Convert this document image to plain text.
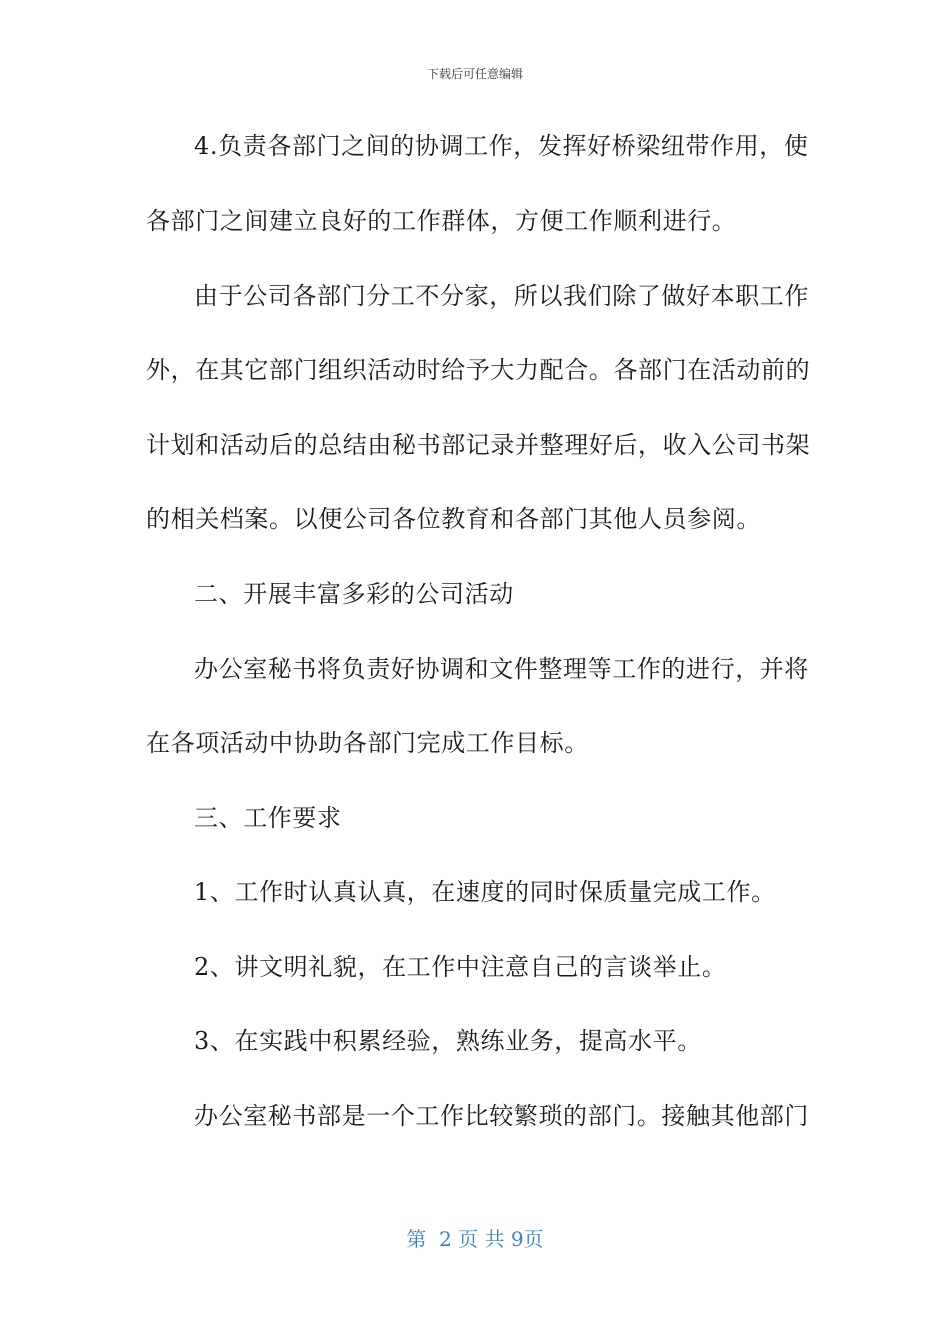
下载后可任意编辑
4.负责各部门之间的协调工作，发挥好桥梁纽带作用，使
各部门之间建立良好的工作群体，方便工作顺利进行。
由于公司各部门分工不分家，所以我们除了做好本职工作
外，在其它部门组织活动时给予大力配合。各部门在活动前的
计划和活动后的总结由秘书部记录并整理好后，收入公司书架
的相关档案。以便公司各位教育和各部门其他人员参阅。
二、开展丰富多彩的公司活动
办公室秘书将负责好协调和文件整理等工作的进行，并将
在各项活动中协助各部门完成工作目标。
三、工作要求
1、工作时认真认真，在速度的同时保质量完成工作。
2、讲文明礼貌，在工作中注意自己的言谈举止。
3、在实践中积累经验，熟练业务，提高水平。
办公室秘书部是一个工作比较繁琐的部门。接触其他部门
第  2 页 共 9页
